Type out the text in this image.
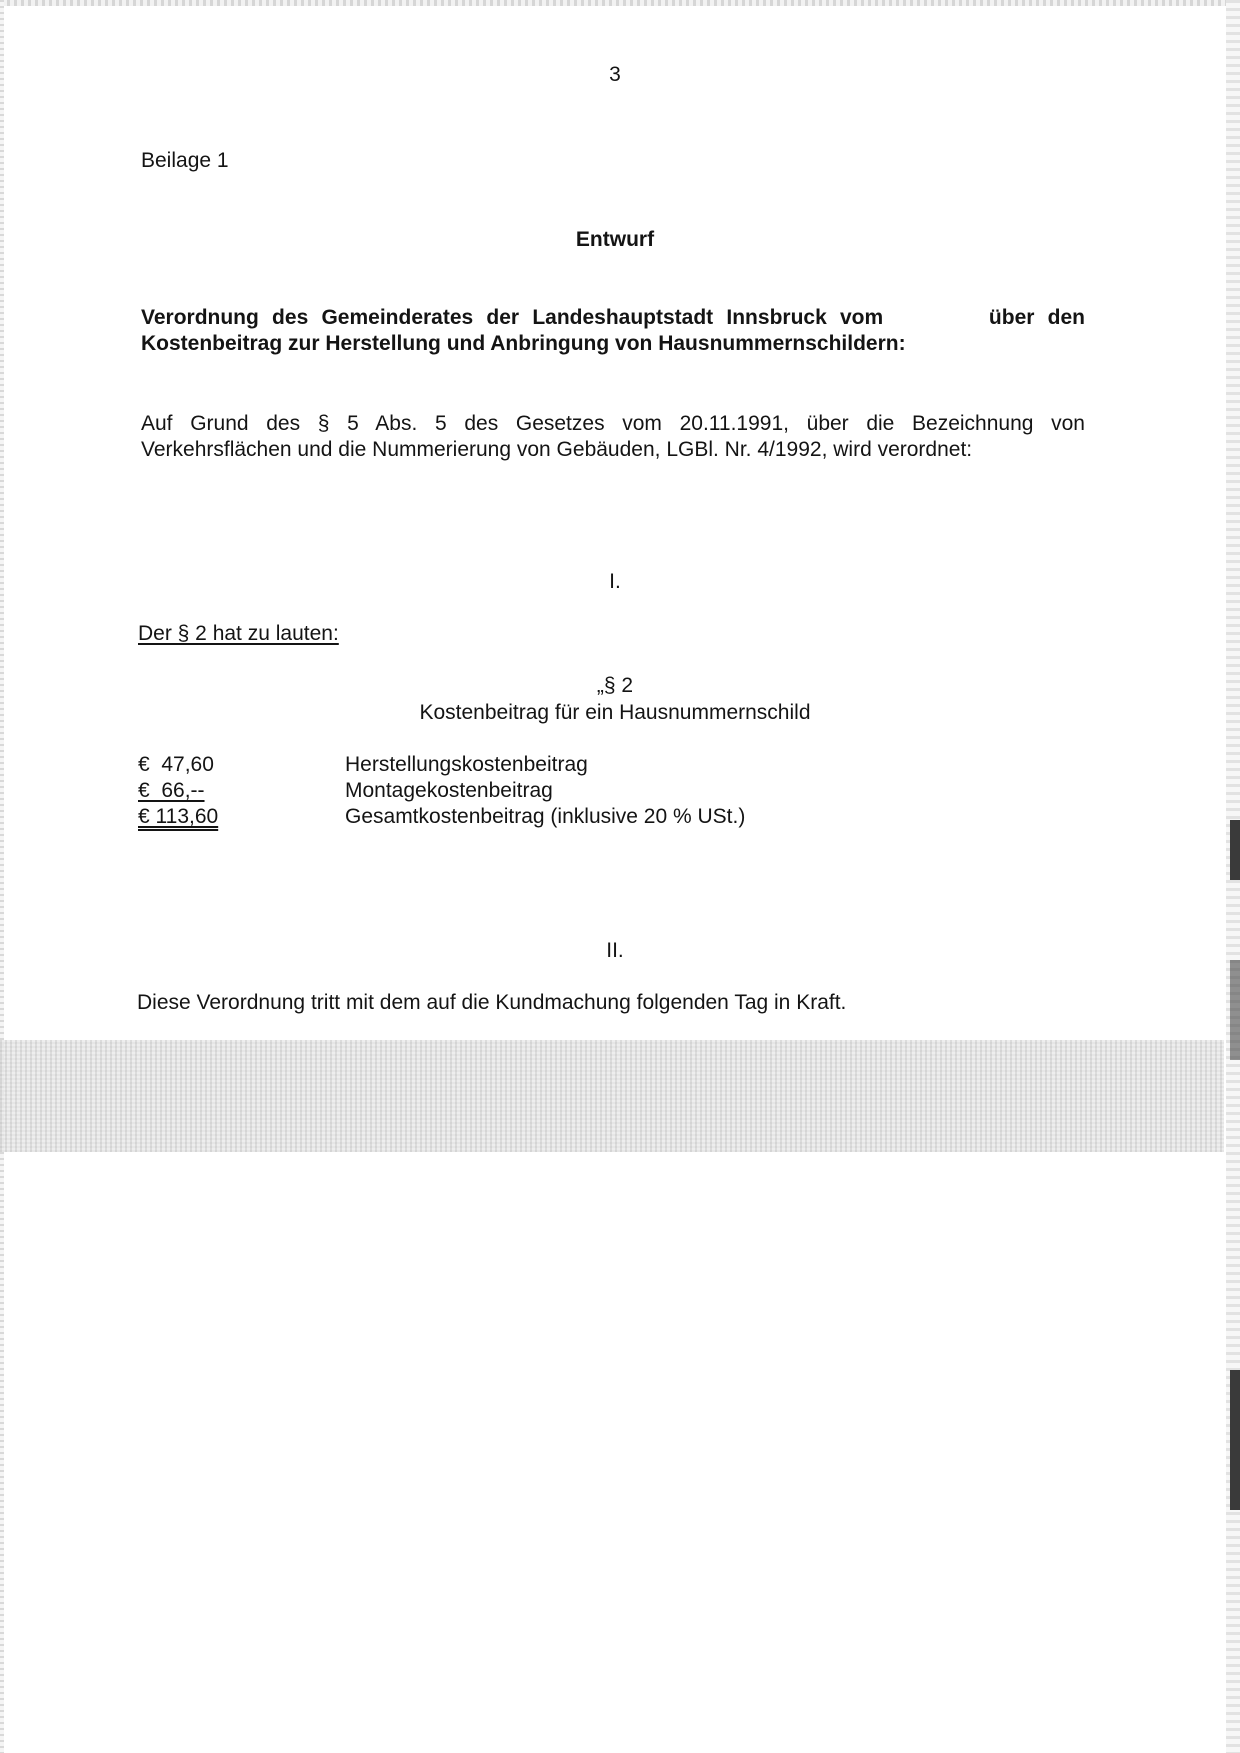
3
Beilage 1
Entwurf
Verordnung des Gemeinderates der Landeshauptstadt Innsbruck vom        über den
Kostenbeitrag zur Herstellung und Anbringung von Hausnummernschildern:
Auf Grund des § 5 Abs. 5 des Gesetzes vom 20.11.1991, über die Bezeichnung von
Verkehrsflächen und die Nummerierung von Gebäuden, LGBl. Nr. 4/1992, wird verordnet:
I.
Der § 2 hat zu lauten:
„§ 2
Kostenbeitrag für ein Hausnummernschild
€  47,60	Herstellungskostenbeitrag
€  66,--	Montagekostenbeitrag
€ 113,60	Gesamtkostenbeitrag (inklusive 20 % USt.)
II.
Diese Verordnung tritt mit dem auf die Kundmachung folgenden Tag in Kraft.
